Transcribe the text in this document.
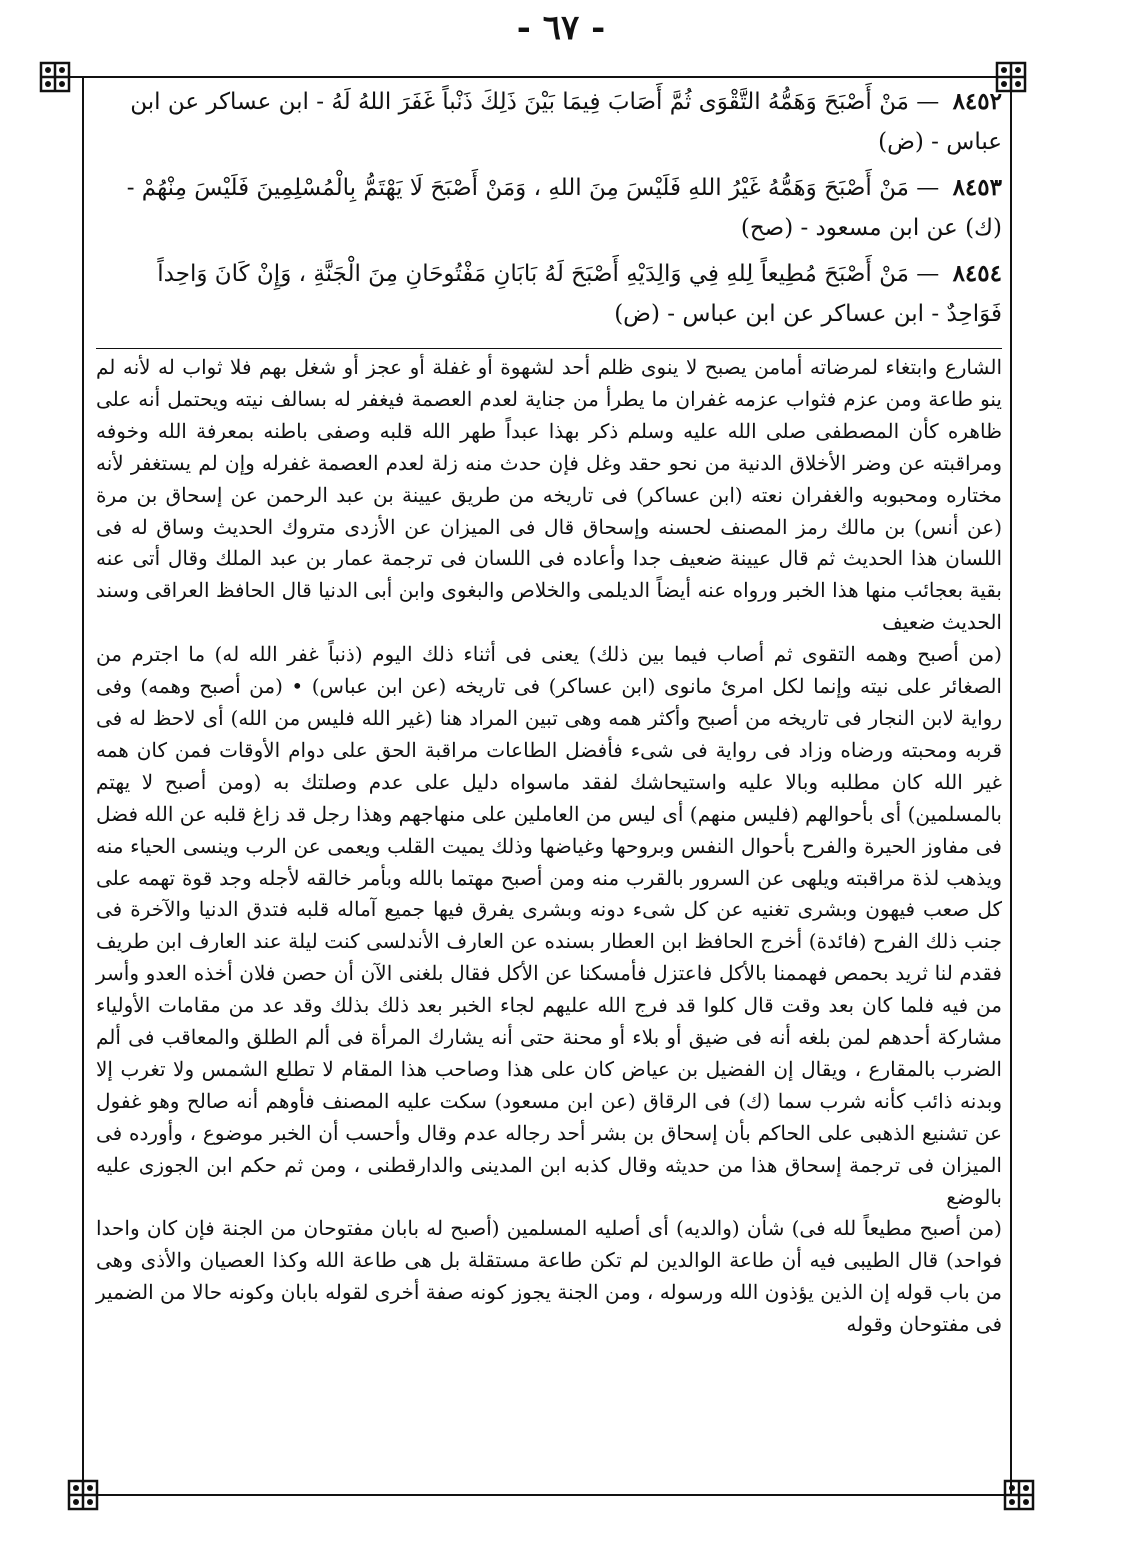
- ٦٧ -

٨٤٥٢ — مَنْ أَصْبَحَ وَهَمُّهُ التَّقْوَى ثُمَّ أَصَابَ فِيمَا بَيْنَ ذَلِكَ ذَنْباً غَفَرَ اللهُ لَهُ - ابن عساكر عن ابن عباس - (ض)

٨٤٥٣ — مَنْ أَصْبَحَ وَهَمُّهُ غَيْرُ اللهِ فَلَيْسَ مِنَ اللهِ ، وَمَنْ أَصْبَحَ لَا يَهْتَمُّ بِالْمُسْلِمِينَ فَلَيْسَ مِنْهُمْ - (ك) عن ابن مسعود - (صح)

٨٤٥٤ — مَنْ أَصْبَحَ مُطِيعاً لِلهِ فِي وَالِدَيْهِ أَصْبَحَ لَهُ بَابَانِ مَفْتُوحَانِ مِنَ الْجَنَّةِ ، وَإِنْ كَانَ وَاحِداً فَوَاحِدٌ - ابن عساكر عن ابن عباس - (ض)

الشارع وابتغاء لمرضاته أمامن يصبح لا ينوى ظلم أحد لشهوة أو غفلة أو عجز أو شغل بهم فلا ثواب له لأنه لم ينو طاعة ومن عزم فثواب عزمه غفران ما يطرأ من جناية لعدم العصمة فيغفر له بسالف نيته ويحتمل أنه على ظاهره كأن المصطفى صلى الله عليه وسلم ذكر بهذا عبداً طهر الله قلبه وصفى باطنه بمعرفة الله وخوفه ومراقبته عن وضر الأخلاق الدنية من نحو حقد وغل فإن حدث منه زلة لعدم العصمة غفرله وإن لم يستغفر لأنه مختاره ومحبوبه والغفران نعته (ابن عساكر) فى تاريخه من طريق عيينة بن عبد الرحمن عن إسحاق بن مرة (عن أنس) بن مالك رمز المصنف لحسنه وإسحاق قال فى الميزان عن الأزدى متروك الحديث وساق له فى اللسان هذا الحديث ثم قال عيينة ضعيف جدا وأعاده فى اللسان فى ترجمة عمار بن عبد الملك وقال أتى عنه بقية بعجائب منها هذا الخبر ورواه عنه أيضاً الديلمى والخلاص والبغوى وابن أبى الدنيا قال الحافظ العراقى وسند الحديث ضعيف

(من أصبح وهمه التقوى ثم أصاب فيما بين ذلك) يعنى فى أثناء ذلك اليوم (ذنباً غفر الله له) ما اجترم من الصغائر على نيته وإنما لكل امرئ مانوى (ابن عساكر) فى تاريخه (عن ابن عباس) • (من أصبح وهمه) وفى رواية لابن النجار فى تاريخه من أصبح وأكثر همه وهى تبين المراد هنا (غير الله فليس من الله) أى لاحظ له فى قربه ومحبته ورضاه وزاد فى رواية فى شىء فأفضل الطاعات مراقبة الحق على دوام الأوقات فمن كان همه غير الله كان مطلبه وبالا عليه واستيحاشك لفقد ماسواه دليل على عدم وصلتك به (ومن أصبح لا يهتم بالمسلمين) أى بأحوالهم (فليس منهم) أى ليس من العاملين على منهاجهم وهذا رجل قد زاغ قلبه عن الله فضل فى مفاوز الحيرة والفرح بأحوال النفس وبروحها وغياضها وذلك يميت القلب ويعمى عن الرب وينسى الحياء منه ويذهب لذة مراقبته ويلهى عن السرور بالقرب منه ومن أصبح مهتما بالله وبأمر خالقه لأجله وجد قوة تهمه على كل صعب فيهون وبشرى تغنيه عن كل شىء دونه وبشرى يفرق فيها جميع آماله قلبه فتدق الدنيا والآخرة فى جنب ذلك الفرح (فائدة) أخرج الحافظ ابن العطار بسنده عن العارف الأندلسى كنت ليلة عند العارف ابن طريف فقدم لنا ثريد بحمص فهممنا بالأكل فاعتزل فأمسكنا عن الأكل فقال بلغنى الآن أن حصن فلان أخذه العدو وأسر من فيه فلما كان بعد وقت قال كلوا قد فرج الله عليهم لجاء الخبر بعد ذلك بذلك وقد عد من مقامات الأولياء مشاركة أحدهم لمن بلغه أنه فى ضيق أو بلاء أو محنة حتى أنه يشارك المرأة فى ألم الطلق والمعاقب فى ألم الضرب بالمقارع ، ويقال إن الفضيل بن عياض كان على هذا وصاحب هذا المقام لا تطلع الشمس ولا تغرب إلا وبدنه ذائب كأنه شرب سما (ك) فى الرقاق (عن ابن مسعود) سكت عليه المصنف فأوهم أنه صالح وهو غفول عن تشنيع الذهبى على الحاكم بأن إسحاق بن بشر أحد رجاله عدم وقال وأحسب أن الخبر موضوع ، وأورده فى الميزان فى ترجمة إسحاق هذا من حديثه وقال كذبه ابن المدينى والدارقطنى ، ومن ثم حكم ابن الجوزى عليه بالوضع

(من أصبح مطيعاً لله فى) شأن (والديه) أى أصليه المسلمين (أصبح له بابان مفتوحان من الجنة فإن كان واحدا فواحد) قال الطيبى فيه أن طاعة الوالدين لم تكن طاعة مستقلة بل هى طاعة الله وكذا العصيان والأذى وهى من باب قوله إن الذين يؤذون الله ورسوله ، ومن الجنة يجوز كونه صفة أخرى لقوله بابان وكونه حالا من الضمير فى مفتوحان وقوله
